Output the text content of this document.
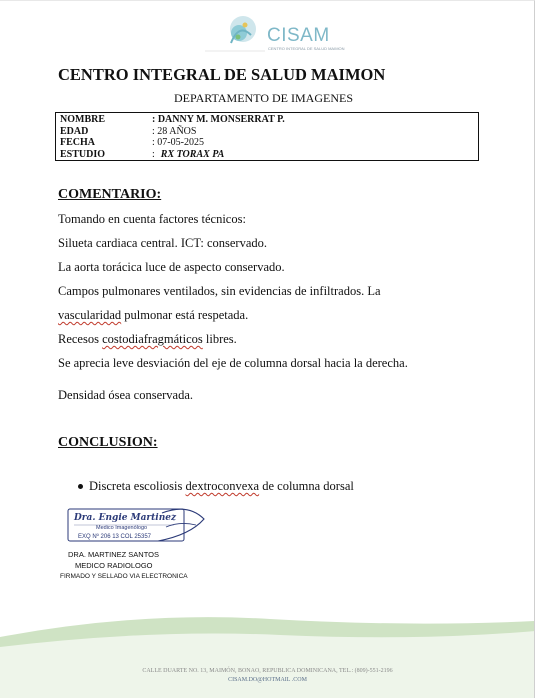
CISAM
CENTRO INTEGRAL DE SALUD MAIMON
CENTRO INTEGRAL DE SALUD MAIMON
DEPARTAMENTO DE IMAGENES
NOMBRE	: DANNY M. MONSERRAT P.
EDAD	: 28 AÑOS
FECHA	: 07-05-2025
ESTUDIO	: RX TORAX PA
COMENTARIO:
Tomando en cuenta factores técnicos:
Silueta cardiaca central. ICT: conservado.
La aorta torácica luce de aspecto conservado.
Campos pulmonares ventilados, sin evidencias de infiltrados. La
vascularidad pulmonar está respetada.
Recesos costodiafragmáticos libres.
Se aprecia leve desviación del eje de columna dorsal hacia la derecha.
Densidad ósea conservada.
CONCLUSION:
Discreta escoliosis dextroconvexa de columna dorsal
Dra. Engie Martinez
Medico Imagenólogo
EXQ Nº 206 13 COL 25357
DRA. MARTINEZ SANTOS
MEDICO RADIOLOGO
FIRMADO Y SELLADO VIA ELECTRONICA
CALLE DUARTE NO. 13, MAIMÓN, BONAO, REPUBLICA DOMINICANA, TEL.: (809)-551-2196
CISAM.DO@HOTMAIL .COM
